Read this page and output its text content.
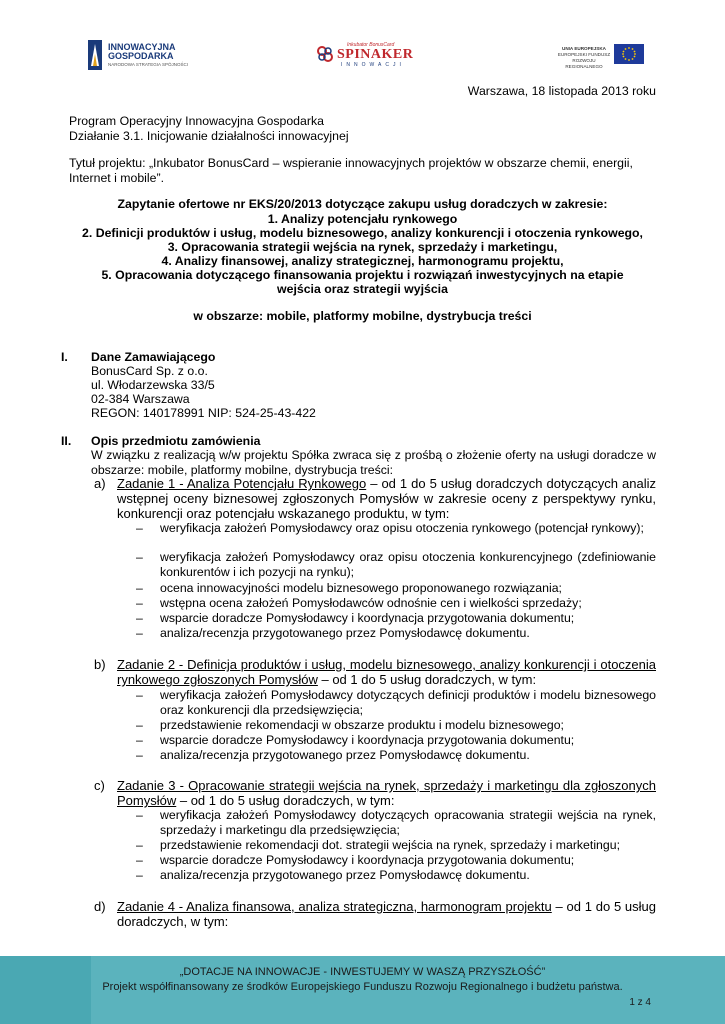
INNOWACYJNA
GOSPODARKA
NARODOWA STRATEGIA SPÓJNOŚCI
Inkubator BonusCard
SPINAKER
INNOWACJI
UNIA EUROPEJSKA
EUROPEJSKI FUNDUSZ
ROZWOJU REGIONALNEGO
Warszawa, 18 listopada 2013 roku
Program Operacyjny Innowacyjna Gospodarka
Działanie 3.1. Inicjowanie działalności innowacyjnej
Tytuł projektu: „Inkubator BonusCard – wspieranie innowacyjnych projektów w obszarze chemii, energii,
Internet i mobile”.
Zapytanie ofertowe nr EKS/20/2013 dotyczące zakupu usług doradczych w zakresie:
1. Analizy potencjału rynkowego
2. Definicji produktów i usług, modelu biznesowego, analizy konkurencji i otoczenia rynkowego,
3. Opracowania strategii wejścia na rynek, sprzedaży i marketingu,
4. Analizy finansowej, analizy strategicznej, harmonogramu projektu,
5. Opracowania dotyczącego finansowania projektu i rozwiązań inwestycyjnych na etapie
wejścia oraz strategii wyjścia
w obszarze: mobile, platformy mobilne, dystrybucja treści
I. Dane Zamawiającego
BonusCard Sp. z o.o.
ul. Włodarzewska 33/5
02-384 Warszawa
REGON: 140178991 NIP: 524-25-43-422
II. Opis przedmiotu zamówienia
W związku z realizacją w/w projektu Spółka zwraca się z prośbą o złożenie oferty na usługi doradcze w obszarze: mobile, platformy mobilne, dystrybucja treści:
a) Zadanie 1 - Analiza Potencjału Rynkowego – od 1 do 5 usług doradczych dotyczących analiz wstępnej oceny biznesowej zgłoszonych Pomysłów w zakresie oceny z perspektywy rynku, konkurencji oraz potencjału wskazanego produktu, w tym:
– weryfikacja założeń Pomysłodawcy oraz opisu otoczenia rynkowego (potencjał rynkowy);
– weryfikacja założeń Pomysłodawcy oraz opisu otoczenia konkurencyjnego (zdefiniowanie konkurentów i ich pozycji na rynku);
– ocena innowacyjności modelu biznesowego proponowanego rozwiązania;
– wstępna ocena założeń Pomysłodawców odnośnie cen i wielkości sprzedaży;
– wsparcie doradcze Pomysłodawcy i koordynacja przygotowania dokumentu;
– analiza/recenzja przygotowanego przez Pomysłodawcę dokumentu.
b) Zadanie 2 - Definicja produktów i usług, modelu biznesowego, analizy konkurencji i otoczenia rynkowego zgłoszonych Pomysłów – od 1 do 5 usług doradczych, w tym:
– weryfikacja założeń Pomysłodawcy dotyczących definicji produktów i modelu biznesowego oraz konkurencji dla przedsięwzięcia;
– przedstawienie rekomendacji w obszarze produktu i modelu biznesowego;
– wsparcie doradcze Pomysłodawcy i koordynacja przygotowania dokumentu;
– analiza/recenzja przygotowanego przez Pomysłodawcę dokumentu.
c) Zadanie 3 - Opracowanie strategii wejścia na rynek, sprzedaży i marketingu dla zgłoszonych Pomysłów – od 1 do 5 usług doradczych, w tym:
– weryfikacja założeń Pomysłodawcy dotyczących opracowania strategii wejścia na rynek, sprzedaży i marketingu dla przedsięwzięcia;
– przedstawienie rekomendacji dot. strategii wejścia na rynek, sprzedaży i marketingu;
– wsparcie doradcze Pomysłodawcy i koordynacja przygotowania dokumentu;
– analiza/recenzja przygotowanego przez Pomysłodawcę dokumentu.
d) Zadanie 4 - Analiza finansowa, analiza strategiczna, harmonogram projektu – od 1 do 5 usług doradczych, w tym:
„DOTACJE NA INNOWACJE - INWESTUJEMY W WASZĄ PRZYSZŁOŚĆ”
Projekt współfinansowany ze środków Europejskiego Funduszu Rozwoju Regionalnego i budżetu państwa.
1 z 4
